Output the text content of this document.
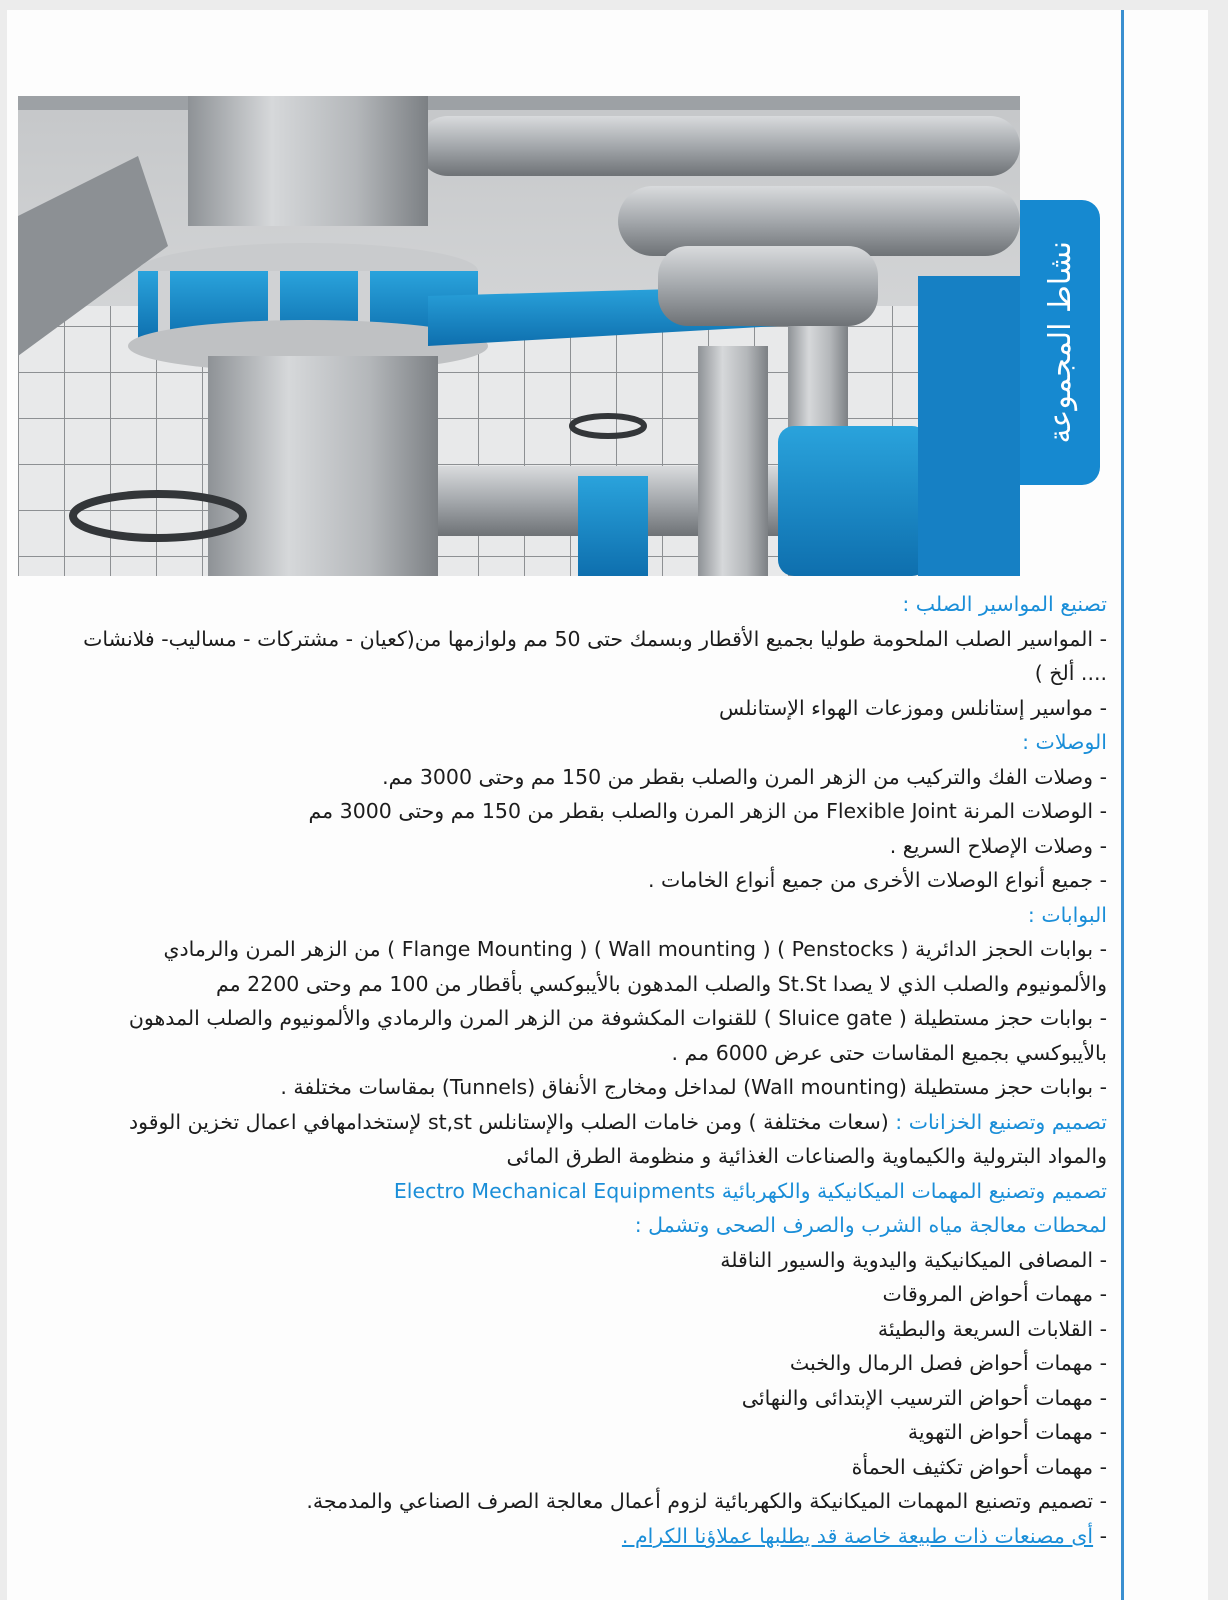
نشاط المجموعة

تصنيع المواسير الصلب :

- المواسير الصلب الملحومة طوليا بجميع الأقطار وبسمك حتى 50 مم ولوازمها من(كعيان - مشتركات - مساليب- فلانشات .... ألخ )

- مواسير إستانلس وموزعات الهواء الإستانلس

الوصلات :

- وصلات الفك والتركيب من الزهر المرن والصلب بقطر من 150 مم وحتى 3000 مم.

- الوصلات المرنة Flexible Joint من الزهر المرن والصلب بقطر من 150 مم وحتى 3000 مم

- وصلات الإصلاح السريع .

- جميع أنواع الوصلات الأخرى من جميع أنواع الخامات .

البوابات :

- بوابات الحجز الدائرية ( Penstocks ) ( Wall mounting ) ( Flange Mounting ) من الزهر المرن والرمادي والألمونيوم والصلب الذي لا يصدا St.St والصلب المدهون بالأيبوكسي بأقطار من 100 مم وحتى 2200 مم

- بوابات حجز مستطيلة ( Sluice gate ) للقنوات المكشوفة من الزهر المرن والرمادي والألمونيوم والصلب المدهون بالأيبوكسي بجميع المقاسات حتى عرض 6000 مم .

- بوابات حجز مستطيلة (Wall mounting) لمداخل ومخارج الأنفاق (Tunnels) بمقاسات مختلفة .

تصميم وتصنيع الخزانات : (سعات مختلفة ) ومن خامات الصلب والإستانلس st,st لإستخدامهافي اعمال تخزين الوقود والمواد البترولية والكيماوية والصناعات الغذائية و منظومة الطرق المائى

تصميم وتصنيع المهمات الميكانيكية والكهربائية Electro Mechanical Equipments

لمحطات معالجة مياه الشرب والصرف الصحى وتشمل :

- المصافى الميكانيكية واليدوية والسيور الناقلة

- مهمات أحواض المروقات

- القلابات السريعة والبطيئة

- مهمات أحواض فصل الرمال والخبث

- مهمات أحواض الترسيب الإبتدائى والنهائى

- مهمات أحواض التهوية

- مهمات أحواض تكثيف الحمأة

- تصميم وتصنيع المهمات الميكانيكة والكهربائية لزوم أعمال معالجة الصرف الصناعي والمدمجة.

- أى مصنعات ذات طبيعة خاصة قد يطلبها عملاؤنا الكرام .
